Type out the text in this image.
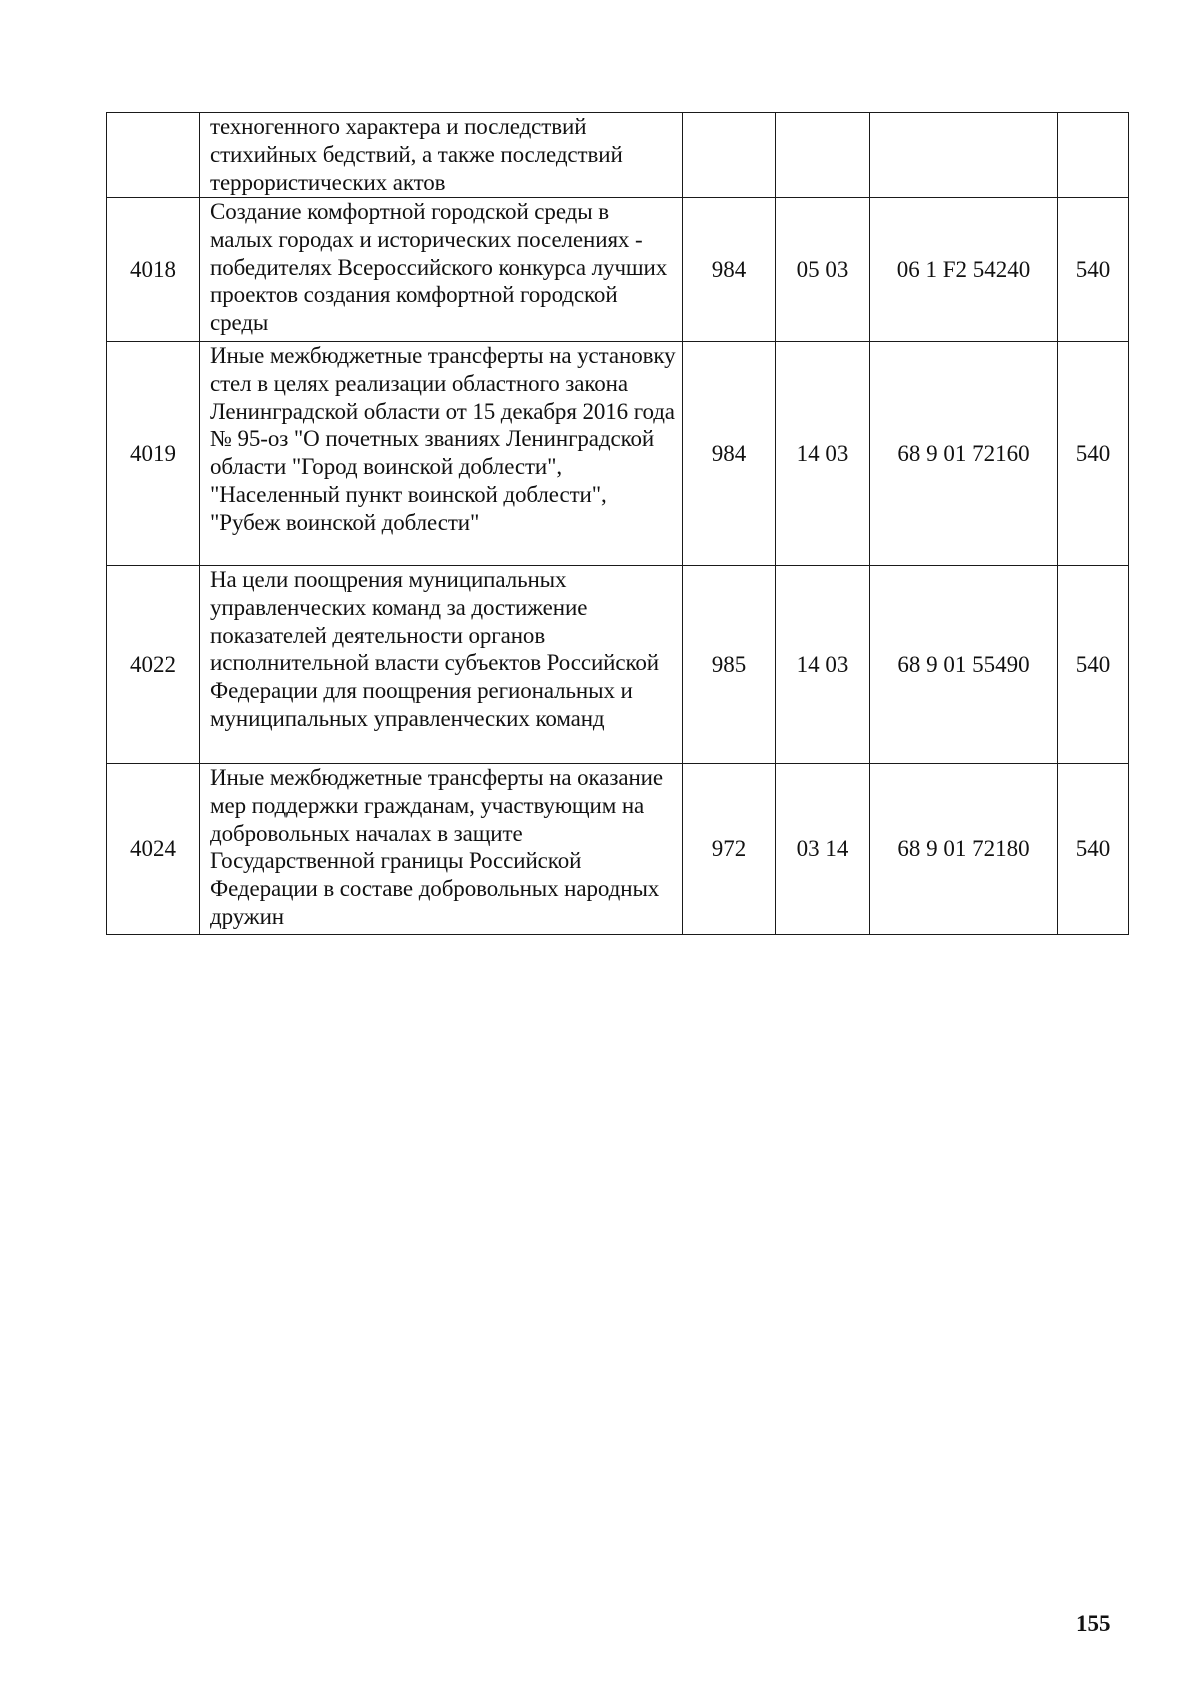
	техногенного характера и последствий стихийных бедствий, а также последствий террористических актов				
4018	Создание комфортной городской среды в малых городах и исторических поселениях - победителях Всероссийского конкурса лучших проектов создания комфортной городской среды	984	05 03	06 1 F2 54240	540
4019	Иные межбюджетные трансферты на установку стел в целях реализации областного закона Ленинградской области от 15 декабря 2016 года № 95-оз "О почетных званиях Ленинградской области "Город воинской доблести", "Населенный пункт воинской доблести", "Рубеж воинской доблести"	984	14 03	68 9 01 72160	540
4022	На цели поощрения муниципальных управленческих команд за достижение показателей деятельности органов исполнительной власти субъектов Российской Федерации для поощрения региональных и муниципальных управленческих команд	985	14 03	68 9 01 55490	540
4024	Иные межбюджетные трансферты на оказание мер поддержки гражданам, участвующим на добровольных началах в защите Государственной границы Российской Федерации в составе добровольных народных дружин	972	03 14	68 9 01 72180	540
155
